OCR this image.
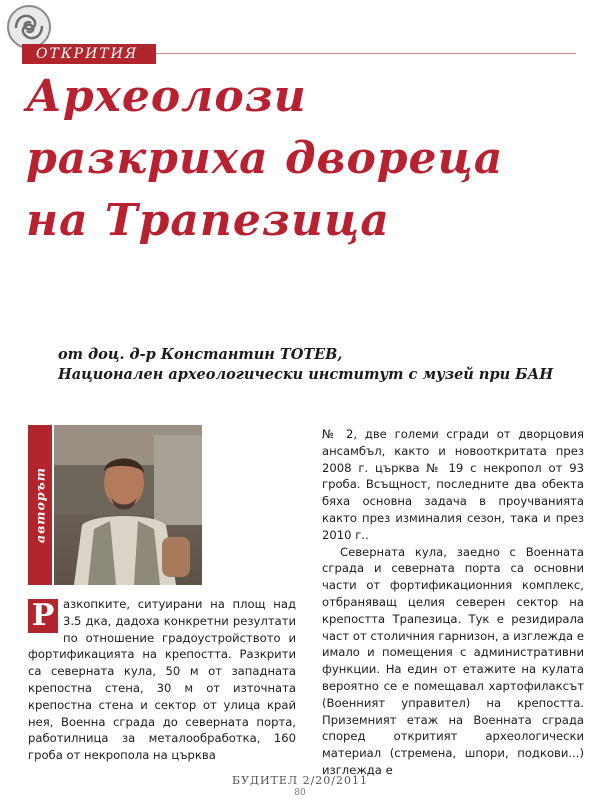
ОТКРИТИЯ
Археолози
разкриха двореца
на Трапезица
от доц. д-р Константин ТОТЕВ,
Национален археологически институт с музей при БАН
авторът

Р азкопките, ситуирани на площ над 3.5 дка, дадоха конкретни резултати по отношение градоустройството и фортификацията на крепостта. Разкрити са северната кула, 50 м от западната крепостна стена, 30 м от източната крепостна стена и сектор от улица край нея, Военна сграда до северната порта, работилница за металообработка, 160 гроба от некропола на църква

№ 2, две големи сгради от дворцовия ансамбъл, както и новооткритата през 2008 г. църква № 19 с некропол от 93 гроба. Всъщност, последните два обекта бяха основна задача в проучванията както през изминалия сезон, така и през 2010 г..

Северната кула, заедно с Военната сграда и северната порта са основни части от фортификационния комплекс, отбраняващ целия северен сектор на крепостта Трапезица. Тук е резидирала част от столичния гарнизон, а изглежда е имало и помещения с административни функции. На един от етажите на кулата вероятно се е помещавал хартофилаксът (Военният управител) на крепостта. Приземният етаж на Военната сграда според откритият археологически материал (стремена, шпори, подкови...) изглежда е

БУДИТЕЛ 2/20/2011
80
